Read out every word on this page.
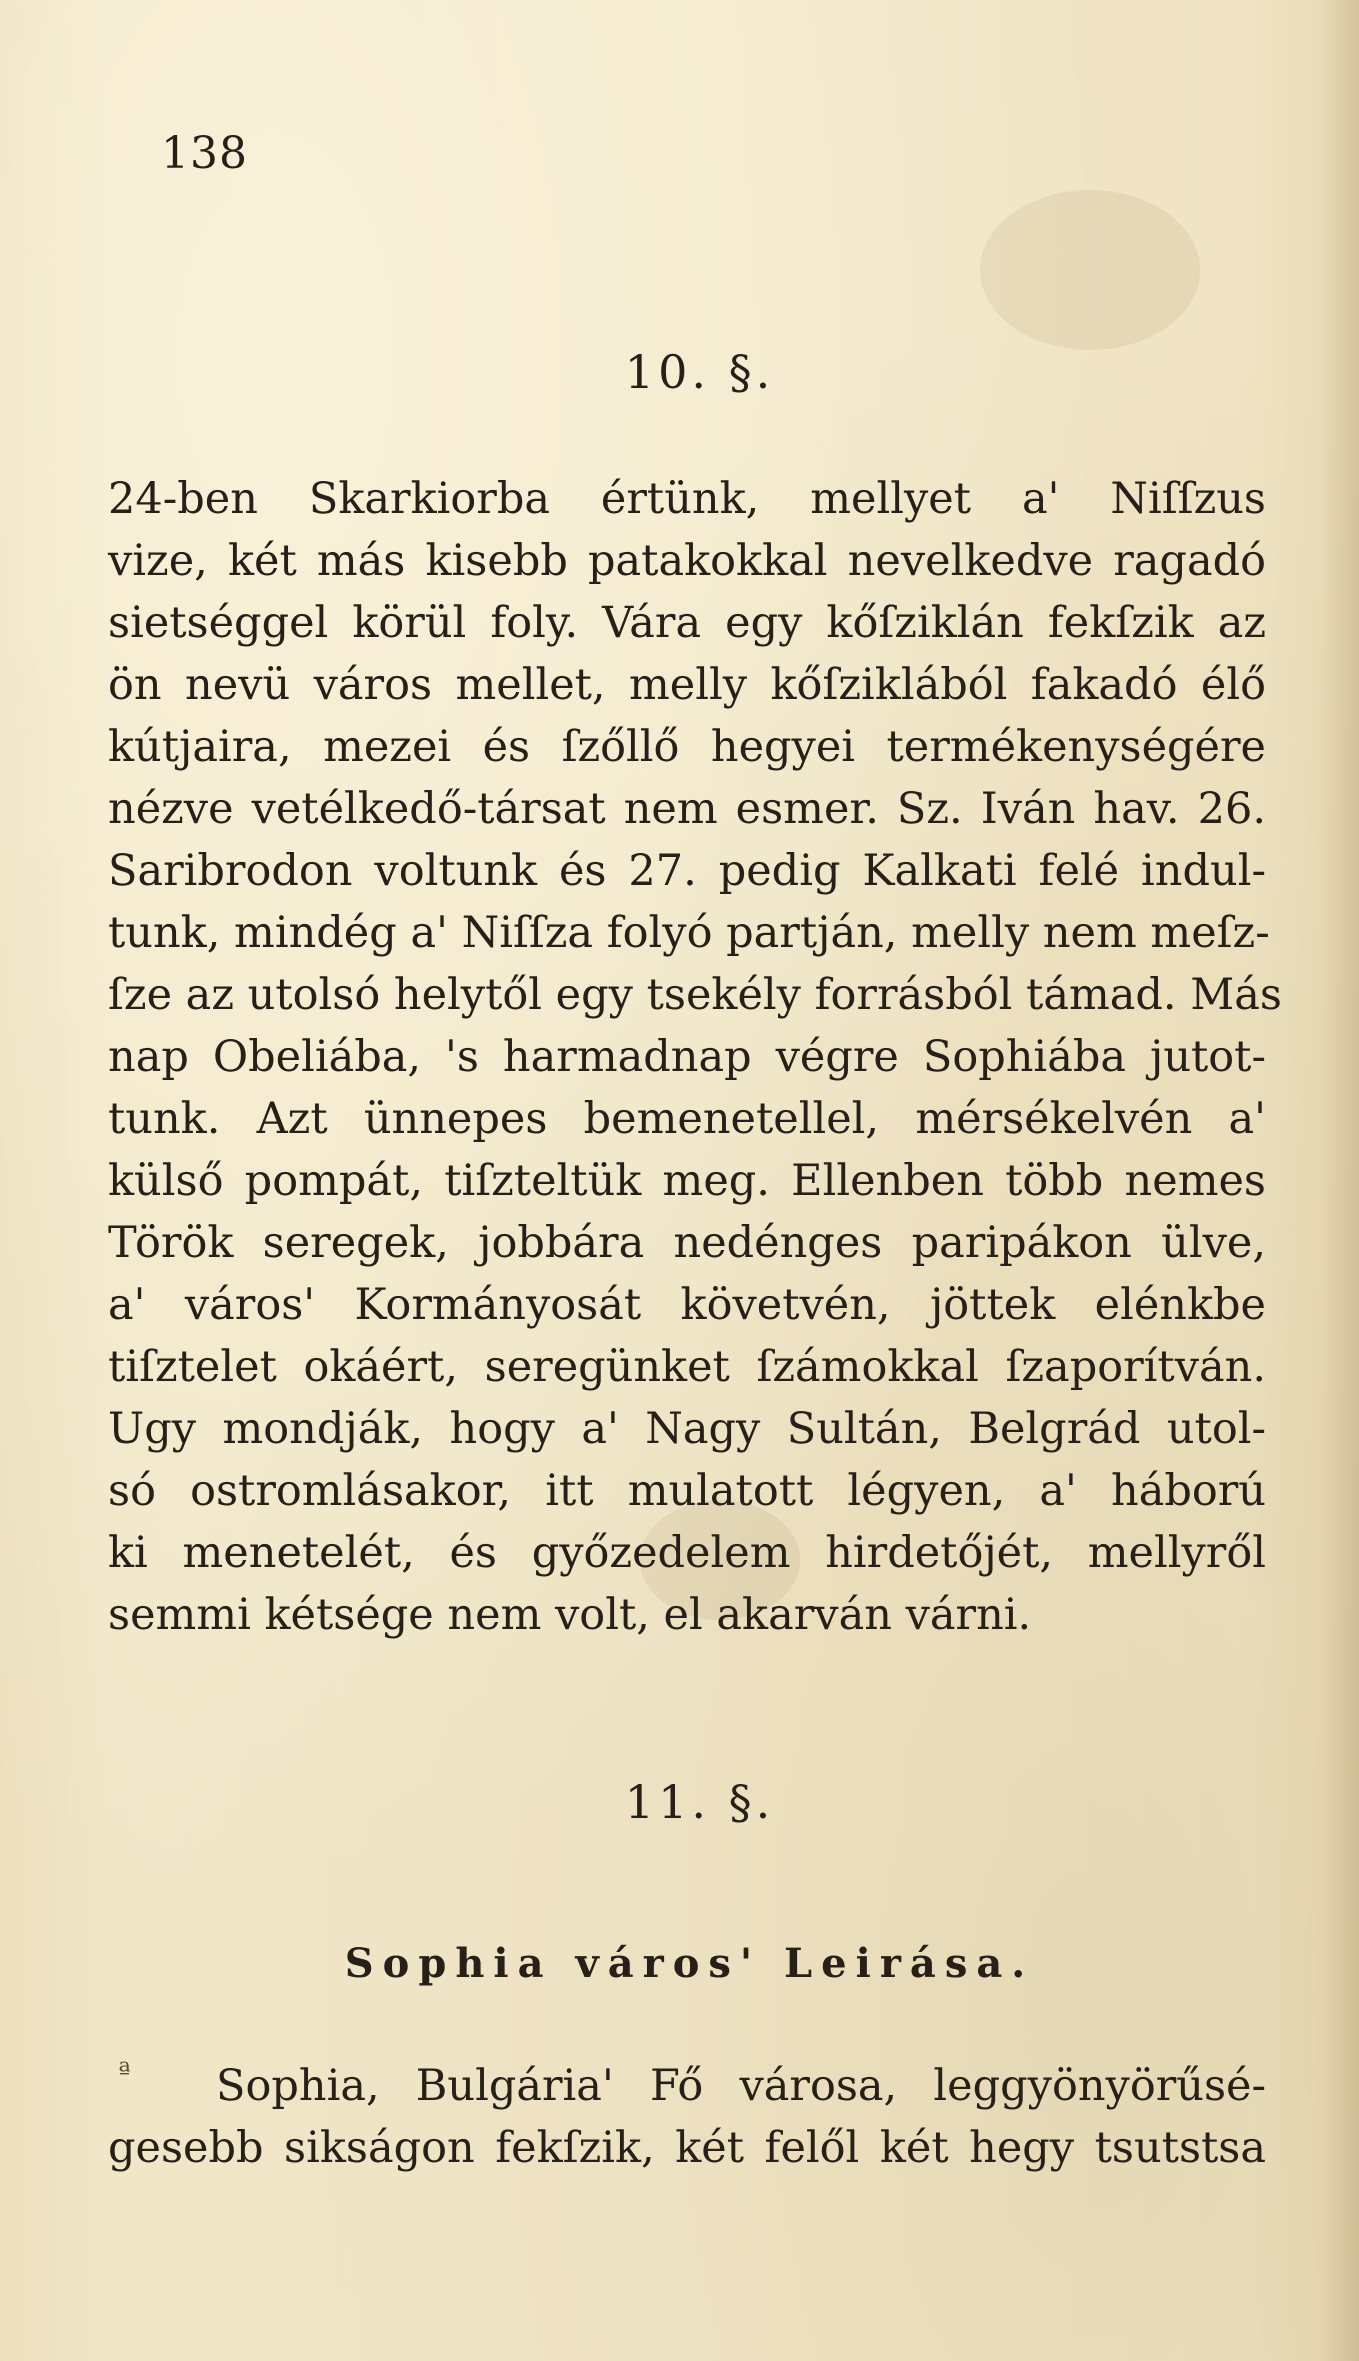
138
10. §.
24-ben Skarkiorba értünk, mellyet a' Niſſzus
vize, két más kisebb patakokkal nevelkedve ragadó
sietséggel körül foly. Vára egy kőſziklán fekſzik az
ön nevü város mellet, melly kőſziklából fakadó élő
kútjaira, mezei és ſzőllő hegyei termékenységére
nézve vetélkedő-társat nem esmer. Sz. Iván hav. 26.
Saribrodon voltunk és 27. pedig Kalkati felé indul-
tunk, mindég a' Niſſza folyó partján, melly nem meſz-
ſze az utolsó helytől egy tsekély forrásból támad. Más
nap Obeliába, 's harmadnap végre Sophiába jutot-
tunk. Azt ünnepes bemenetellel, mérsékelvén a'
külső pompát, tiſzteltük meg. Ellenben több nemes
Török seregek, jobbára nedénges paripákon ülve,
a' város' Kormányosát követvén, jöttek elénkbe
tiſztelet okáért, seregünket ſzámokkal ſzaporítván.
Ugy mondják, hogy a' Nagy Sultán, Belgrád utol-
só ostromlásakor, itt mulatott légyen, a' háború
ki menetelét, és győzedelem hirdetőjét, mellyről
semmi kétsége nem volt, el akarván várni.
11. §.
Sophia város' Leirása.
ª	Sophia, Bulgária' Fő városa, leggyönyörűsé-
gesebb sikságon fekſzik, két felől két hegy tsutstsa
